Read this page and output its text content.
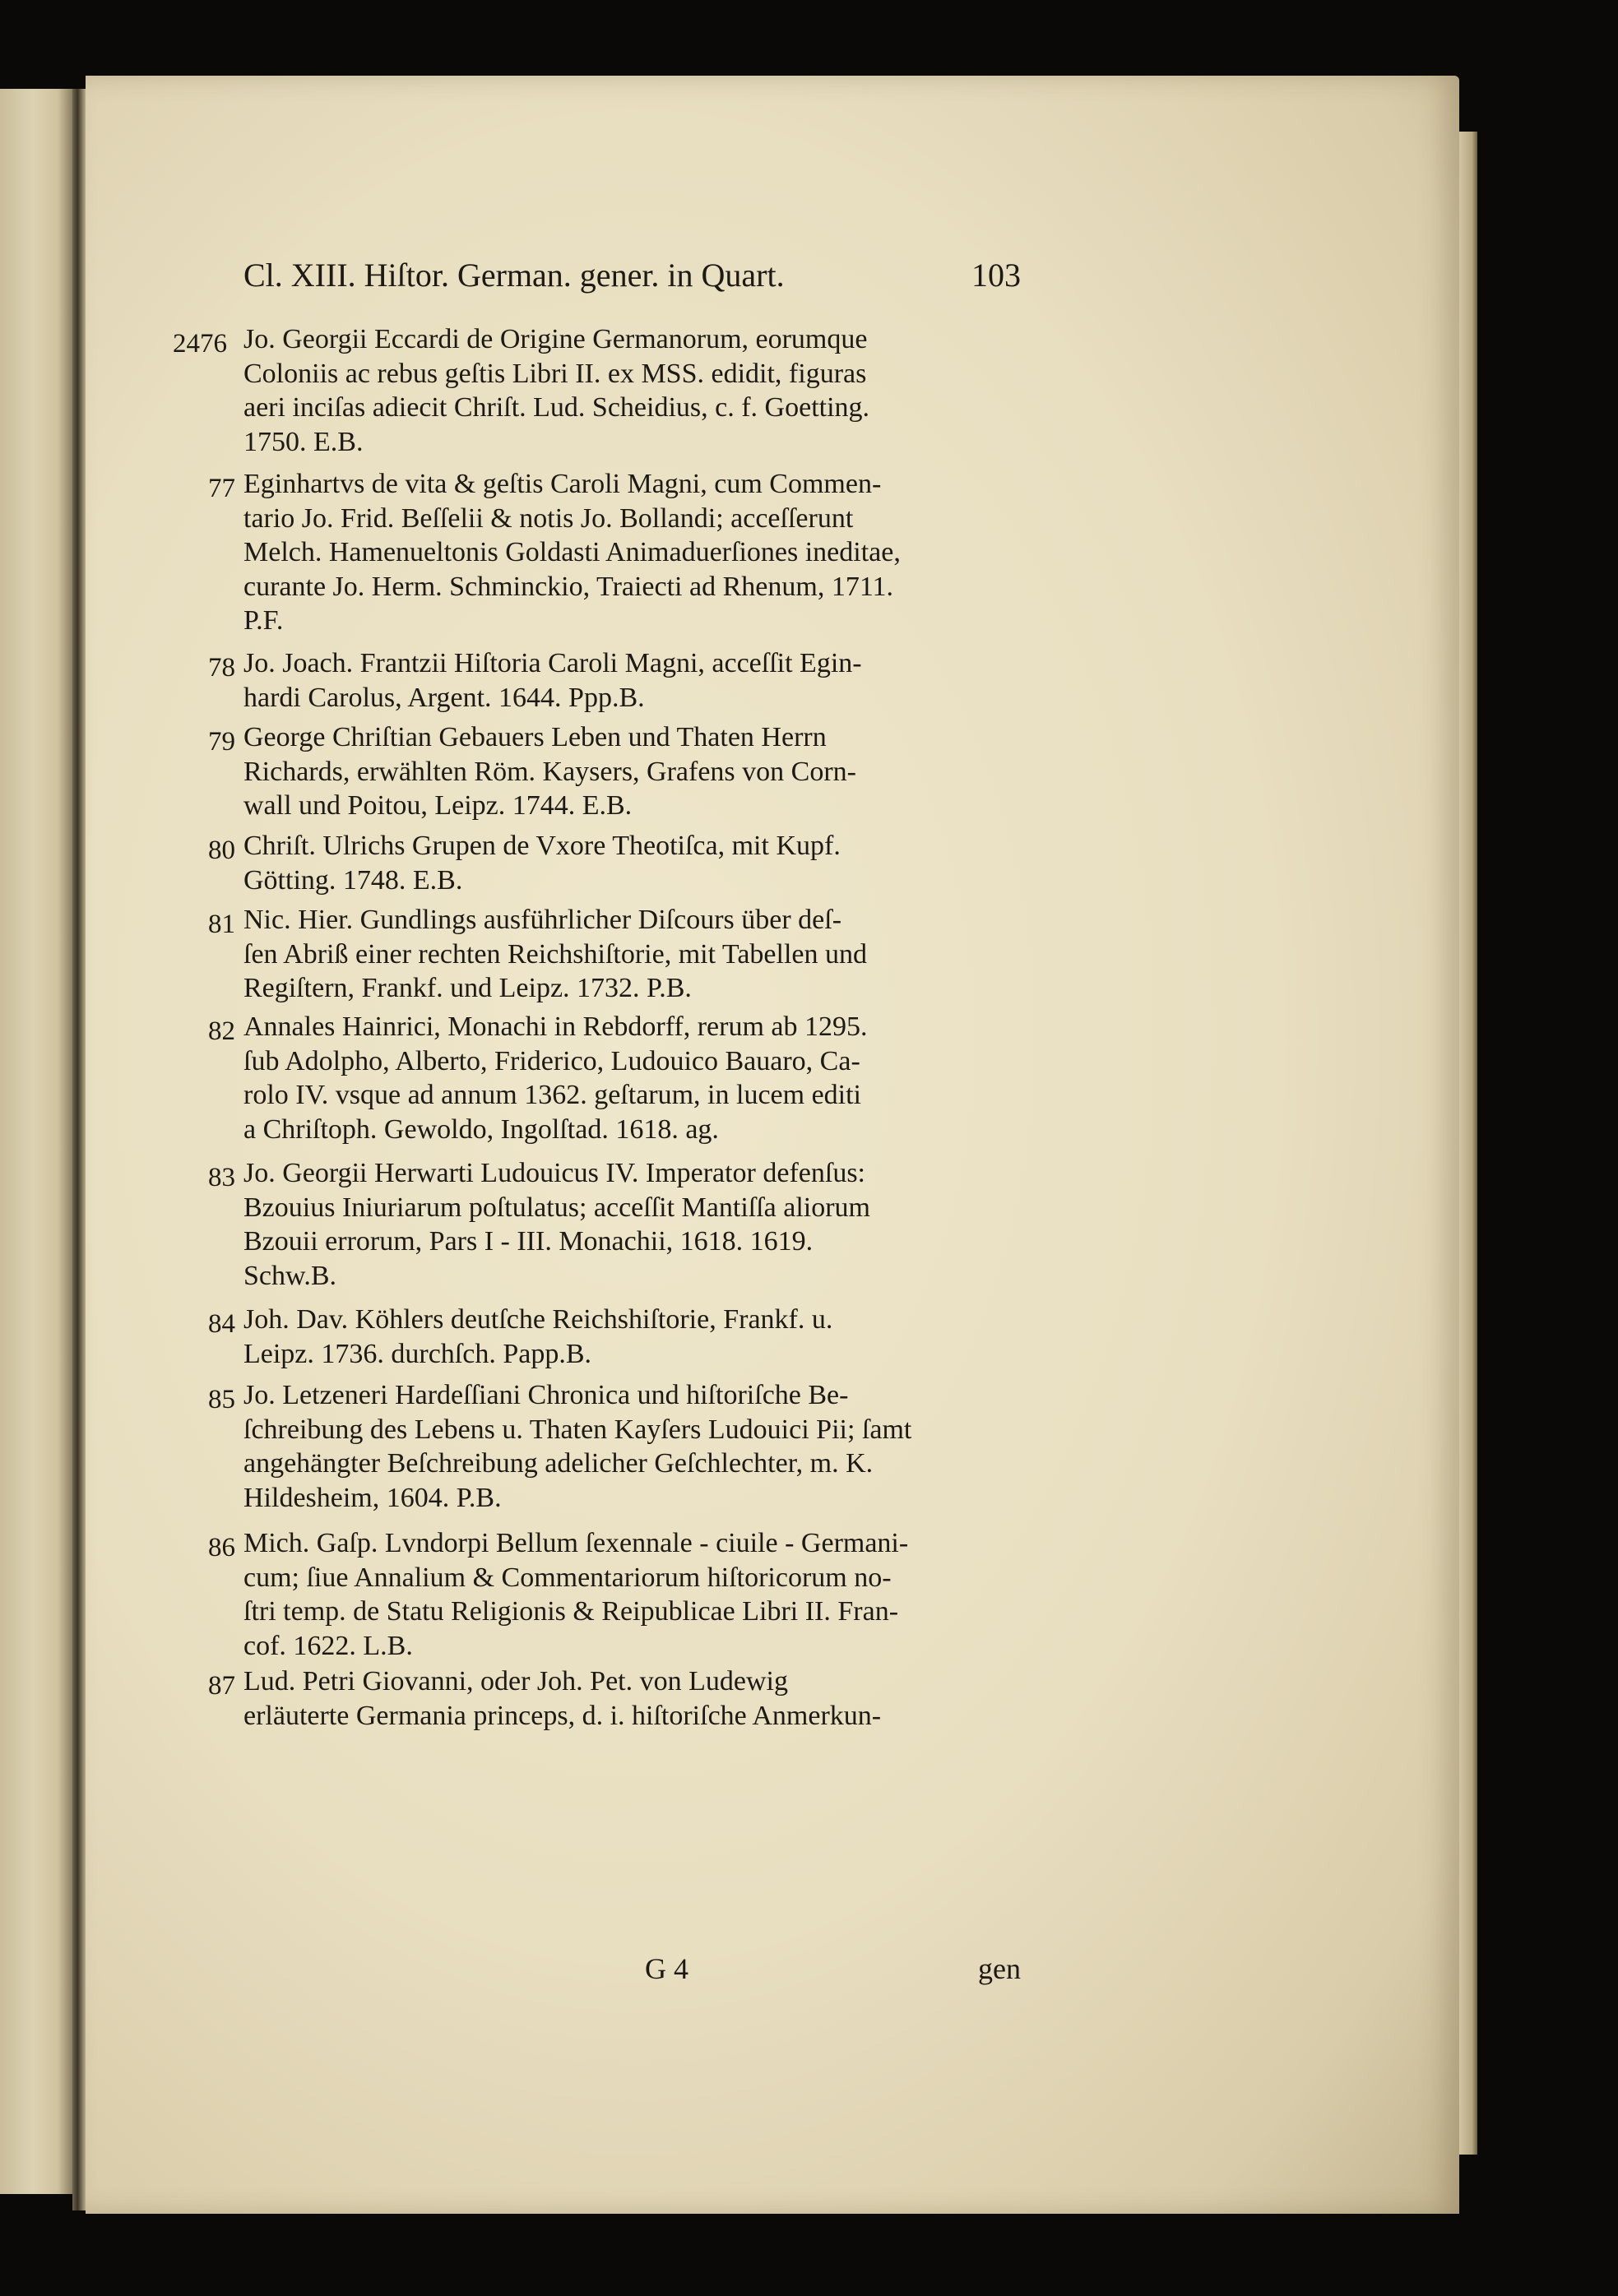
Cl. XIII. Hiſtor. German. gener. in Quart.	103
2476 Jo. Georgii Eccardi de Origine Germanorum, eorumque
Coloniis ac rebus geſtis Libri II. ex MSS. edidit, figuras
aeri inciſas adiecit Chriſt. Lud. Scheidius, c. f. Goetting.
1750. E.B.
77 Eginhartvs de vita & geſtis Caroli Magni, cum Commen-
tario Jo. Frid. Beſſelii & notis Jo. Bollandi; acceſſerunt
Melch. Hamenueltonis Goldasti Animaduerſiones ineditae,
curante Jo. Herm. Schminckio, Traiecti ad Rhenum, 1711.
P.F.
78 Jo. Joach. Frantzii Hiſtoria Caroli Magni, acceſſit Egin-
hardi Carolus, Argent. 1644. Ppp.B.
79 George Chriſtian Gebauers Leben und Thaten Herrn
Richards, erwählten Röm. Kaysers, Grafens von Corn-
wall und Poitou, Leipz. 1744. E.B.
80 Chriſt. Ulrichs Grupen de Vxore Theotiſca, mit Kupf.
Götting. 1748. E.B.
81 Nic. Hier. Gundlings ausführlicher Diſcours über deſ-
ſen Abriß einer rechten Reichshiſtorie, mit Tabellen und
Regiſtern, Frankf. und Leipz. 1732. P.B.
82 Annales Hainrici, Monachi in Rebdorff, rerum ab 1295.
ſub Adolpho, Alberto, Friderico, Ludouico Bauaro, Ca-
rolo IV. vsque ad annum 1362. geſtarum, in lucem editi
a Chriſtoph. Gewoldo, Ingolſtad. 1618. ag.
83 Jo. Georgii Herwarti Ludouicus IV. Imperator defenſus:
Bzouius Iniuriarum poſtulatus; acceſſit Mantiſſa aliorum
Bzouii errorum, Pars I - III. Monachii, 1618. 1619.
Schw.B.
84 Joh. Dav. Köhlers deutſche Reichshiſtorie, Frankf. u.
Leipz. 1736. durchſch. Papp.B.
85 Jo. Letzeneri Hardeſſiani Chronica und hiſtoriſche Be-
ſchreibung des Lebens u. Thaten Kayſers Ludouici Pii; ſamt
angehängter Beſchreibung adelicher Geſchlechter, m. K.
Hildesheim, 1604. P.B.
86 Mich. Gaſp. Lvndorpi Bellum ſexennale - ciuile - Germani-
cum; ſiue Annalium & Commentariorum hiſtoricorum no-
ſtri temp. de Statu Religionis & Reipublicae Libri II. Fran-
cof. 1622. L.B.
87 Lud. Petri Giovanni, oder Joh. Pet. von Ludewig
erläuterte Germania princeps, d. i. hiſtoriſche Anmerkun-
G 4	gen
